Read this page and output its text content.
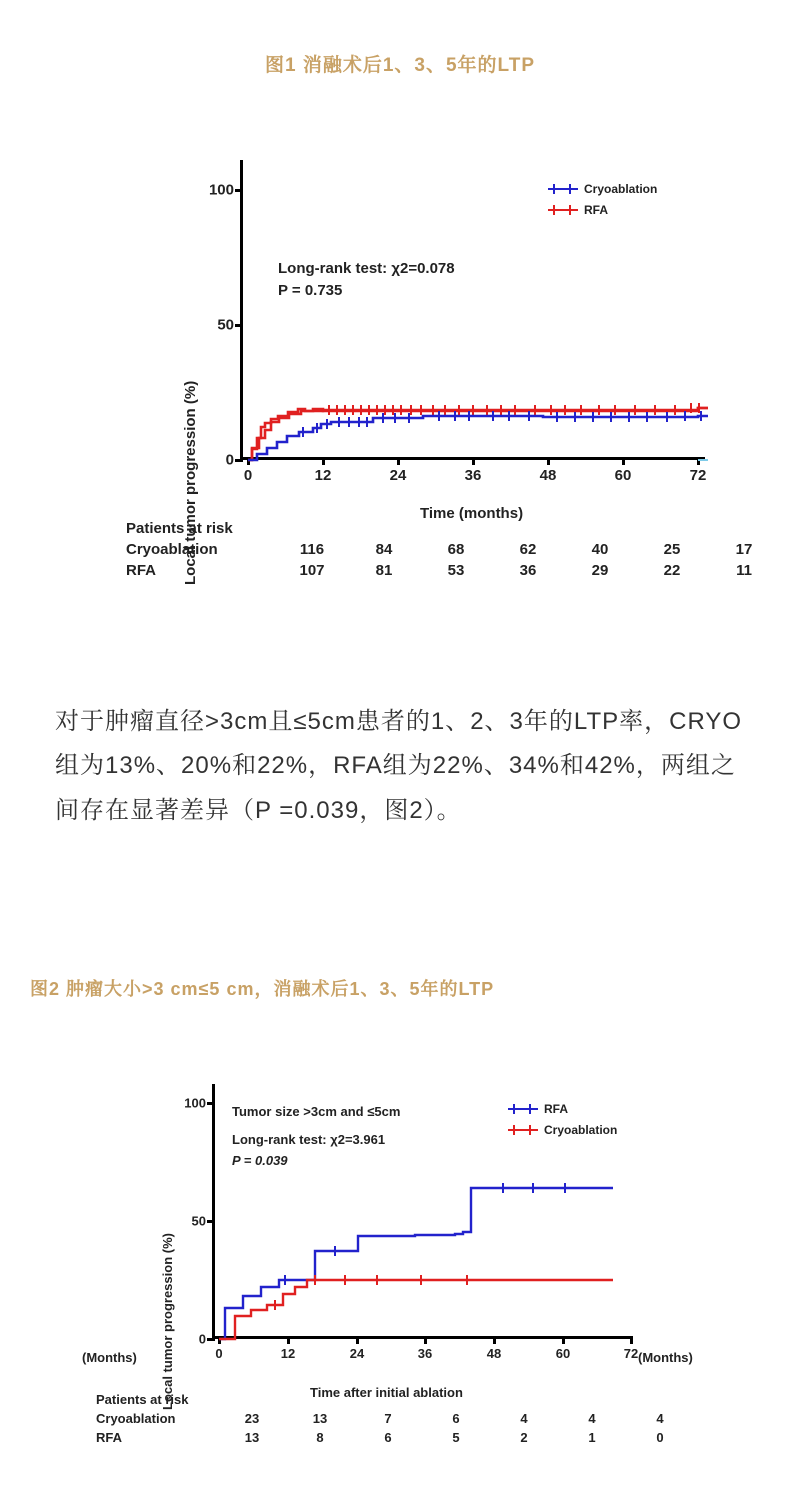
图1 消融术后1、3、5年的LTP
Local tumor progression (%)
100
50
0
0	12	24	36	48	60	72
Time (months)
Long-rank test: χ2=0.078
P = 0.735
Cryoablation
RFA
Patients at risk
Cryoablation	116	84	68	62	40	25	17
RFA	107	81	53	36	29	22	11
对于肿瘤直径>3cm且≤5cm患者的1、2、3年的LTP率，CRYO组为13%、20%和22%，RFA组为22%、34%和42%，两组之间存在显著差异（P =0.039，图2）。
图2 肿瘤大小>3 cm≤5 cm，消融术后1、3、5年的LTP
Local tumor progression (%)
100
50
0
0	12	24	36	48	60	72
Time after initial ablation
(Months)	(Months)
Tumor size >3cm and ≤5cm
Long-rank test: χ2=3.961
P = 0.039
RFA
Cryoablation
Patients at risk
Cryoablation	23	13	7	6	4	4	4
RFA	13	8	6	5	2	1	0
